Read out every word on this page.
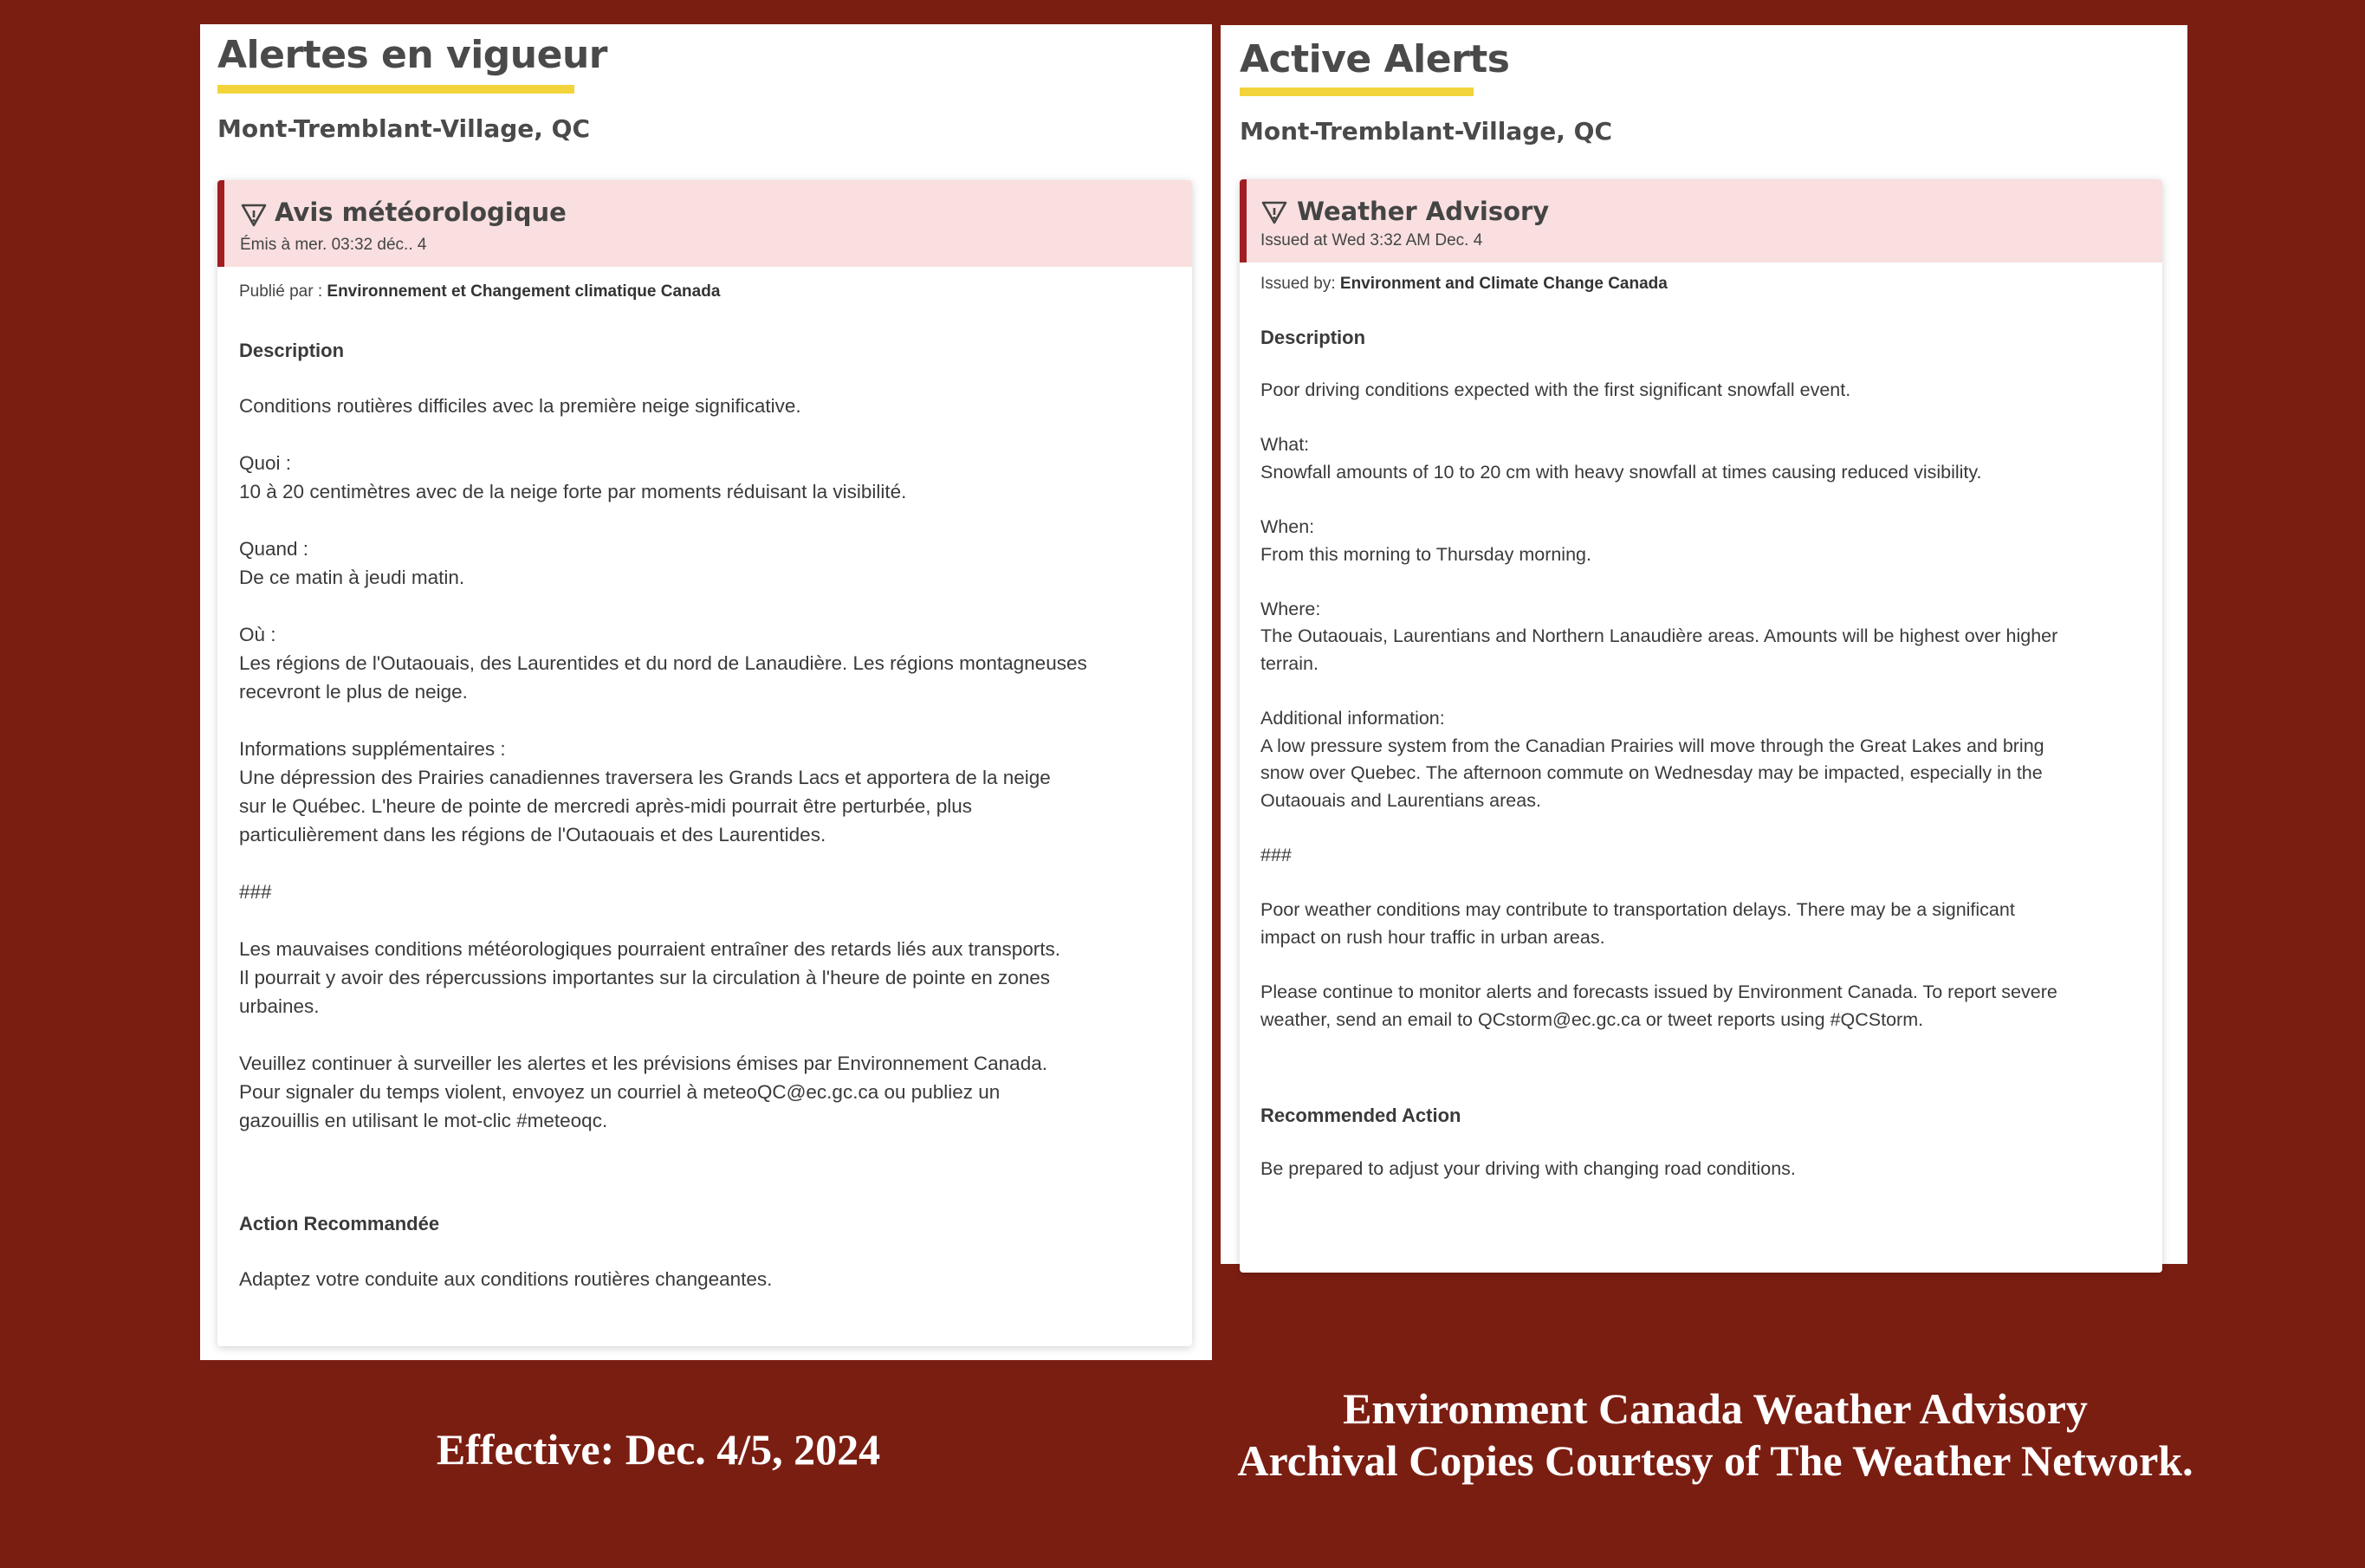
Alertes en vigueur
Mont-Tremblant-Village, QC
Avis météorologique
Émis à mer. 03:32 déc.. 4
Publié par : Environnement et Changement climatique Canada
Description
Conditions routières difficiles avec la première neige significative.

Quoi :
10 à 20 centimètres avec de la neige forte par moments réduisant la visibilité.

Quand :
De ce matin à jeudi matin.

Où :
Les régions de l'Outaouais, des Laurentides et du nord de Lanaudière. Les régions montagneuses
recevront le plus de neige.

Informations supplémentaires :
Une dépression des Prairies canadiennes traversera les Grands Lacs et apportera de la neige
sur le Québec. L'heure de pointe de mercredi après-midi pourrait être perturbée, plus
particulièrement dans les régions de l'Outaouais et des Laurentides.

###

Les mauvaises conditions météorologiques pourraient entraîner des retards liés aux transports.
Il pourrait y avoir des répercussions importantes sur la circulation à l'heure de pointe en zones
urbaines.

Veuillez continuer à surveiller les alertes et les prévisions émises par Environnement Canada.
Pour signaler du temps violent, envoyez un courriel à meteoQC@ec.gc.ca ou publiez un
gazouillis en utilisant le mot-clic #meteoqc.
Action Recommandée
Adaptez votre conduite aux conditions routières changeantes.
Active Alerts
Mont-Tremblant-Village, QC
Weather Advisory
Issued at Wed 3:32 AM Dec. 4
Issued by: Environment and Climate Change Canada
Description
Poor driving conditions expected with the first significant snowfall event.

What:
Snowfall amounts of 10 to 20 cm with heavy snowfall at times causing reduced visibility.

When:
From this morning to Thursday morning.

Where:
The Outaouais, Laurentians and Northern Lanaudière areas. Amounts will be highest over higher
terrain.

Additional information:
A low pressure system from the Canadian Prairies will move through the Great Lakes and bring
snow over Quebec. The afternoon commute on Wednesday may be impacted, especially in the
Outaouais and Laurentians areas.

###

Poor weather conditions may contribute to transportation delays. There may be a significant
impact on rush hour traffic in urban areas.

Please continue to monitor alerts and forecasts issued by Environment Canada. To report severe
weather, send an email to QCstorm@ec.gc.ca or tweet reports using #QCStorm.
Recommended Action
Be prepared to adjust your driving with changing road conditions.
Effective: Dec. 4/5, 2024
Environment Canada Weather Advisory
Archival Copies Courtesy of The Weather Network.
